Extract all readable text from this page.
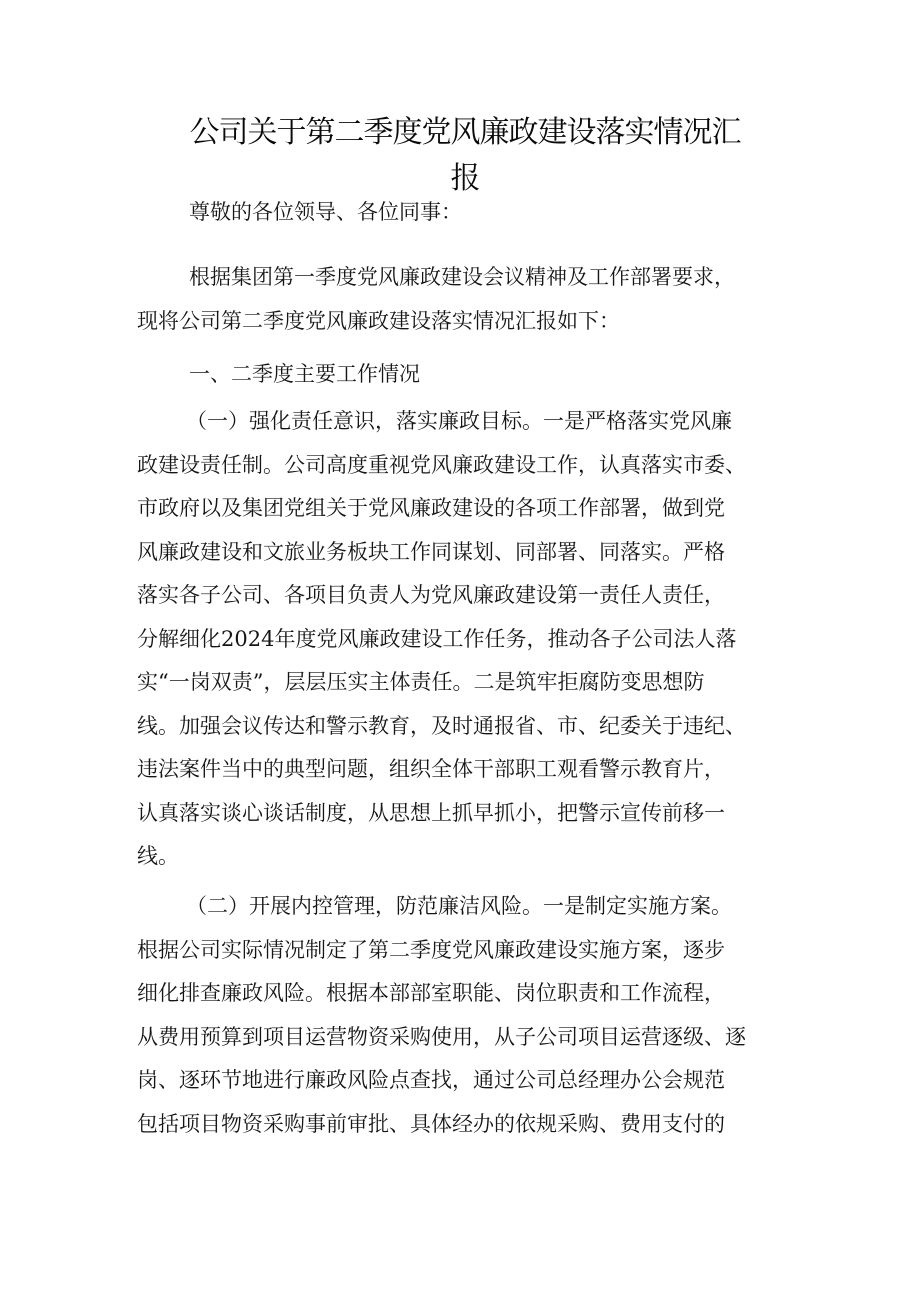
公司关于第二季度党风廉政建设落实情况汇
报
尊敬的各位领导、各位同事：
根据集团第一季度党风廉政建设会议精神及工作部署要求，
现将公司第二季度党风廉政建设落实情况汇报如下：
一、二季度主要工作情况
（一）强化责任意识，落实廉政目标。一是严格落实党风廉
政建设责任制。公司高度重视党风廉政建设工作，认真落实市委、
市政府以及集团党组关于党风廉政建设的各项工作部署，做到党
风廉政建设和文旅业务板块工作同谋划、同部署、同落实。严格
落实各子公司、各项目负责人为党风廉政建设第一责任人责任，
分解细化2024年度党风廉政建设工作任务，推动各子公司法人落
实“一岗双责”，层层压实主体责任。二是筑牢拒腐防变思想防
线。加强会议传达和警示教育，及时通报省、市、纪委关于违纪、
违法案件当中的典型问题，组织全体干部职工观看警示教育片，
认真落实谈心谈话制度，从思想上抓早抓小，把警示宣传前移一
线。
（二）开展内控管理，防范廉洁风险。一是制定实施方案。
根据公司实际情况制定了第二季度党风廉政建设实施方案，逐步
细化排查廉政风险。根据本部部室职能、岗位职责和工作流程，
从费用预算到项目运营物资采购使用，从子公司项目运营逐级、逐
岗、逐环节地进行廉政风险点查找，通过公司总经理办公会规范
包括项目物资采购事前审批、具体经办的依规采购、费用支付的
